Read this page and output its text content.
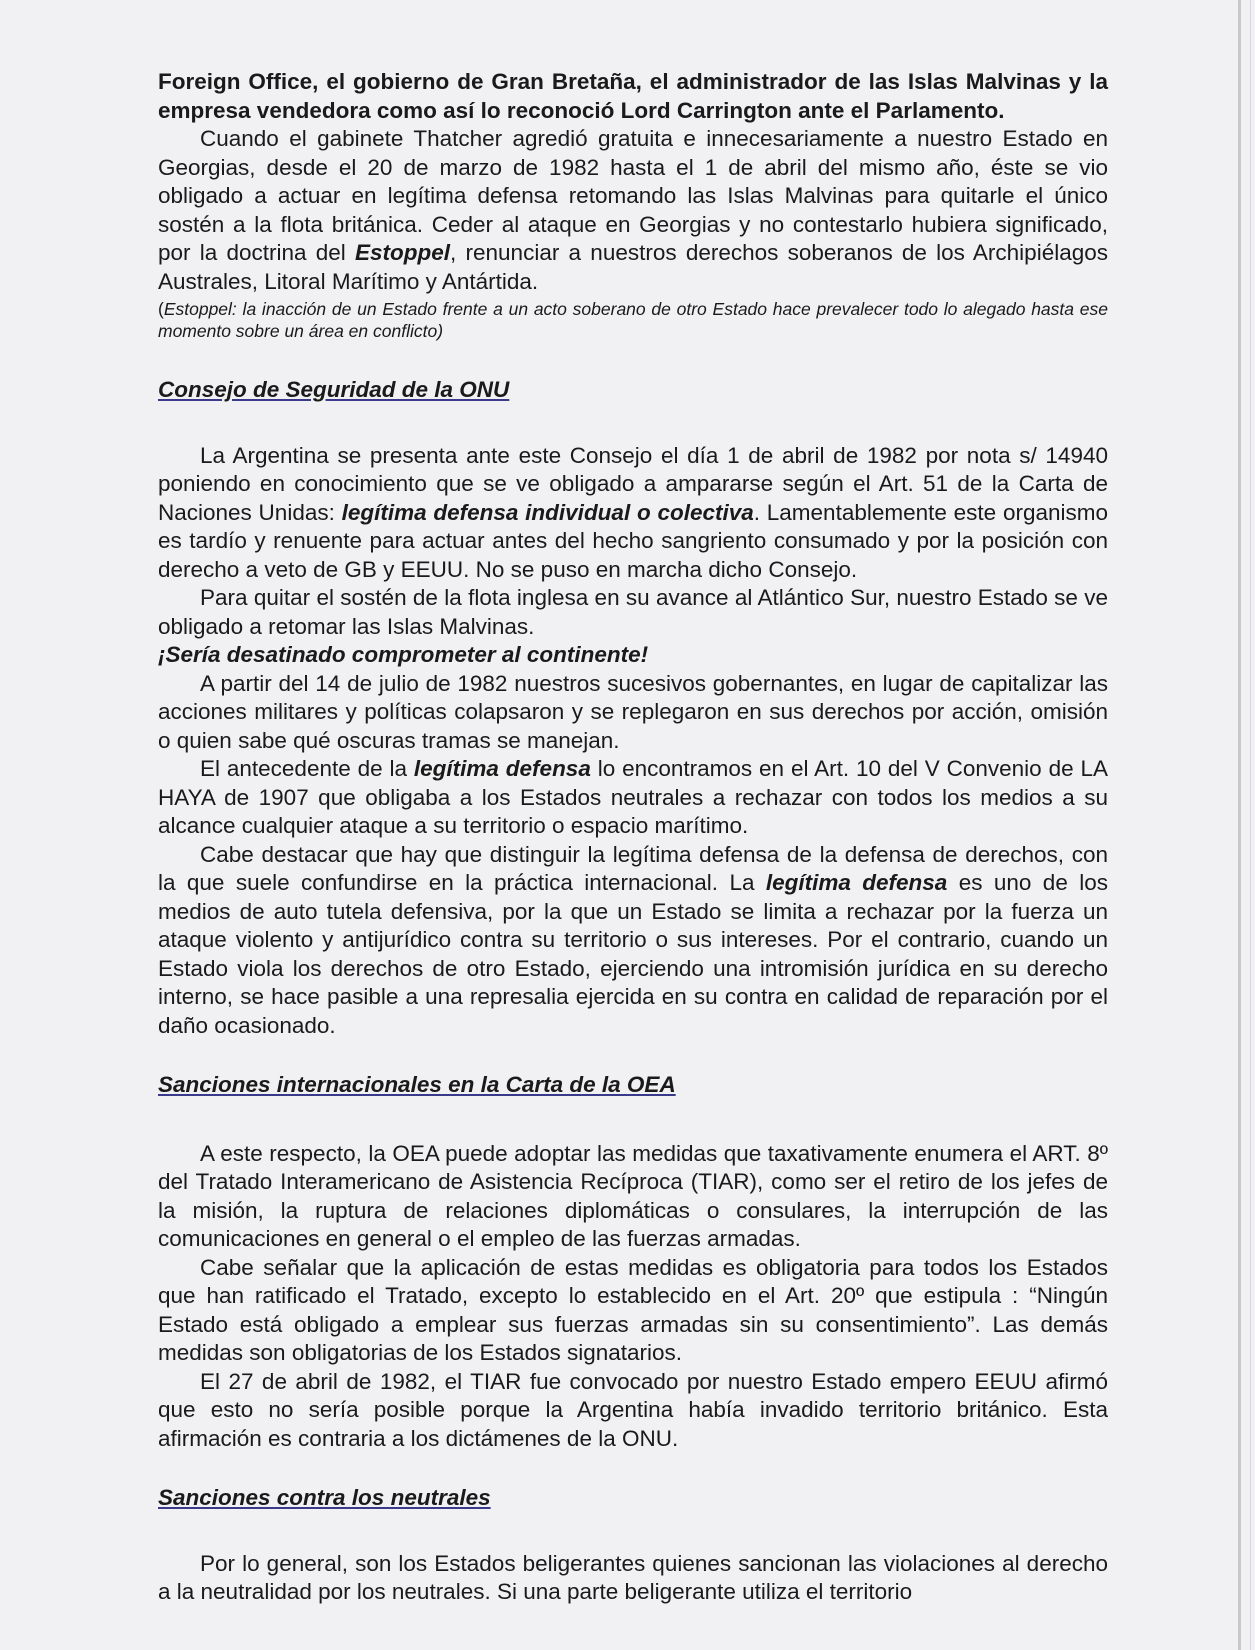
Foreign Office, el gobierno de Gran Bretaña, el administrador de las Islas Malvinas y la empresa vendedora como así lo reconoció Lord Carrington ante el Parlamento.

Cuando el gabinete Thatcher agredió gratuita e innecesariamente a nuestro Estado en Georgias, desde el 20 de marzo de 1982 hasta el 1 de abril del mismo año, éste se vio obligado a actuar en legítima defensa retomando las Islas Malvinas para quitarle el único sostén a la flota británica. Ceder al ataque en Georgias y no contestarlo hubiera significado, por la doctrina del Estoppel, renunciar a nuestros derechos soberanos de los Archipiélagos Australes, Litoral Marítimo y Antártida.

(Estoppel: la inacción de un Estado frente a un acto soberano de otro Estado hace prevalecer todo lo alegado hasta ese momento sobre un área en conflicto)

Consejo de Seguridad de la ONU

La Argentina se presenta ante este Consejo el día 1 de abril de 1982 por nota s/ 14940 poniendo en conocimiento que se ve obligado a ampararse según el Art. 51 de la Carta de Naciones Unidas: legítima defensa individual o colectiva. Lamentablemente este organismo es tardío y renuente para actuar antes del hecho sangriento consumado y por la posición con derecho a veto de GB y EEUU. No se puso en marcha dicho Consejo.

Para quitar el sostén de la flota inglesa en su avance al Atlántico Sur, nuestro Estado se ve obligado a retomar las Islas Malvinas.

¡Sería desatinado comprometer al continente!

A partir del 14 de julio de 1982 nuestros sucesivos gobernantes, en lugar de capitalizar las acciones militares y políticas colapsaron y se replegaron en sus derechos por acción, omisión o quien sabe qué oscuras tramas se manejan.

El antecedente de la legítima defensa lo encontramos en el Art. 10 del V Convenio de LA HAYA de 1907 que obligaba a los Estados neutrales a rechazar con todos los medios a su alcance cualquier ataque a su territorio o espacio marítimo.

Cabe destacar que hay que distinguir la legítima defensa de la defensa de derechos, con la que suele confundirse en la práctica internacional. La legítima defensa es uno de los medios de auto tutela defensiva, por la que un Estado se limita a rechazar por la fuerza un ataque violento y antijurídico contra su territorio o sus intereses. Por el contrario, cuando un Estado viola los derechos de otro Estado, ejerciendo una intromisión jurídica en su derecho interno, se hace pasible a una represalia ejercida en su contra en calidad de reparación por el daño ocasionado.

Sanciones internacionales en la Carta de la OEA

A este respecto, la OEA puede adoptar las medidas que taxativamente enumera el ART. 8º del Tratado Interamericano de Asistencia Recíproca (TIAR), como ser el retiro de los jefes de la misión, la ruptura de relaciones diplomáticas o consulares, la interrupción de las comunicaciones en general o el empleo de las fuerzas armadas.

Cabe señalar que la aplicación de estas medidas es obligatoria para todos los Estados que han ratificado el Tratado, excepto lo establecido en el Art. 20º que estipula : “Ningún Estado está obligado a emplear sus fuerzas armadas sin su consentimiento”. Las demás medidas son obligatorias de los Estados signatarios.

El 27 de abril de 1982, el TIAR fue convocado por nuestro Estado empero EEUU afirmó que esto no sería posible porque la Argentina había invadido territorio británico. Esta afirmación es contraria a los dictámenes de la ONU.

Sanciones contra los neutrales

Por lo general, son los Estados beligerantes quienes sancionan las violaciones al derecho a la neutralidad por los neutrales. Si una parte beligerante utiliza el territorio
